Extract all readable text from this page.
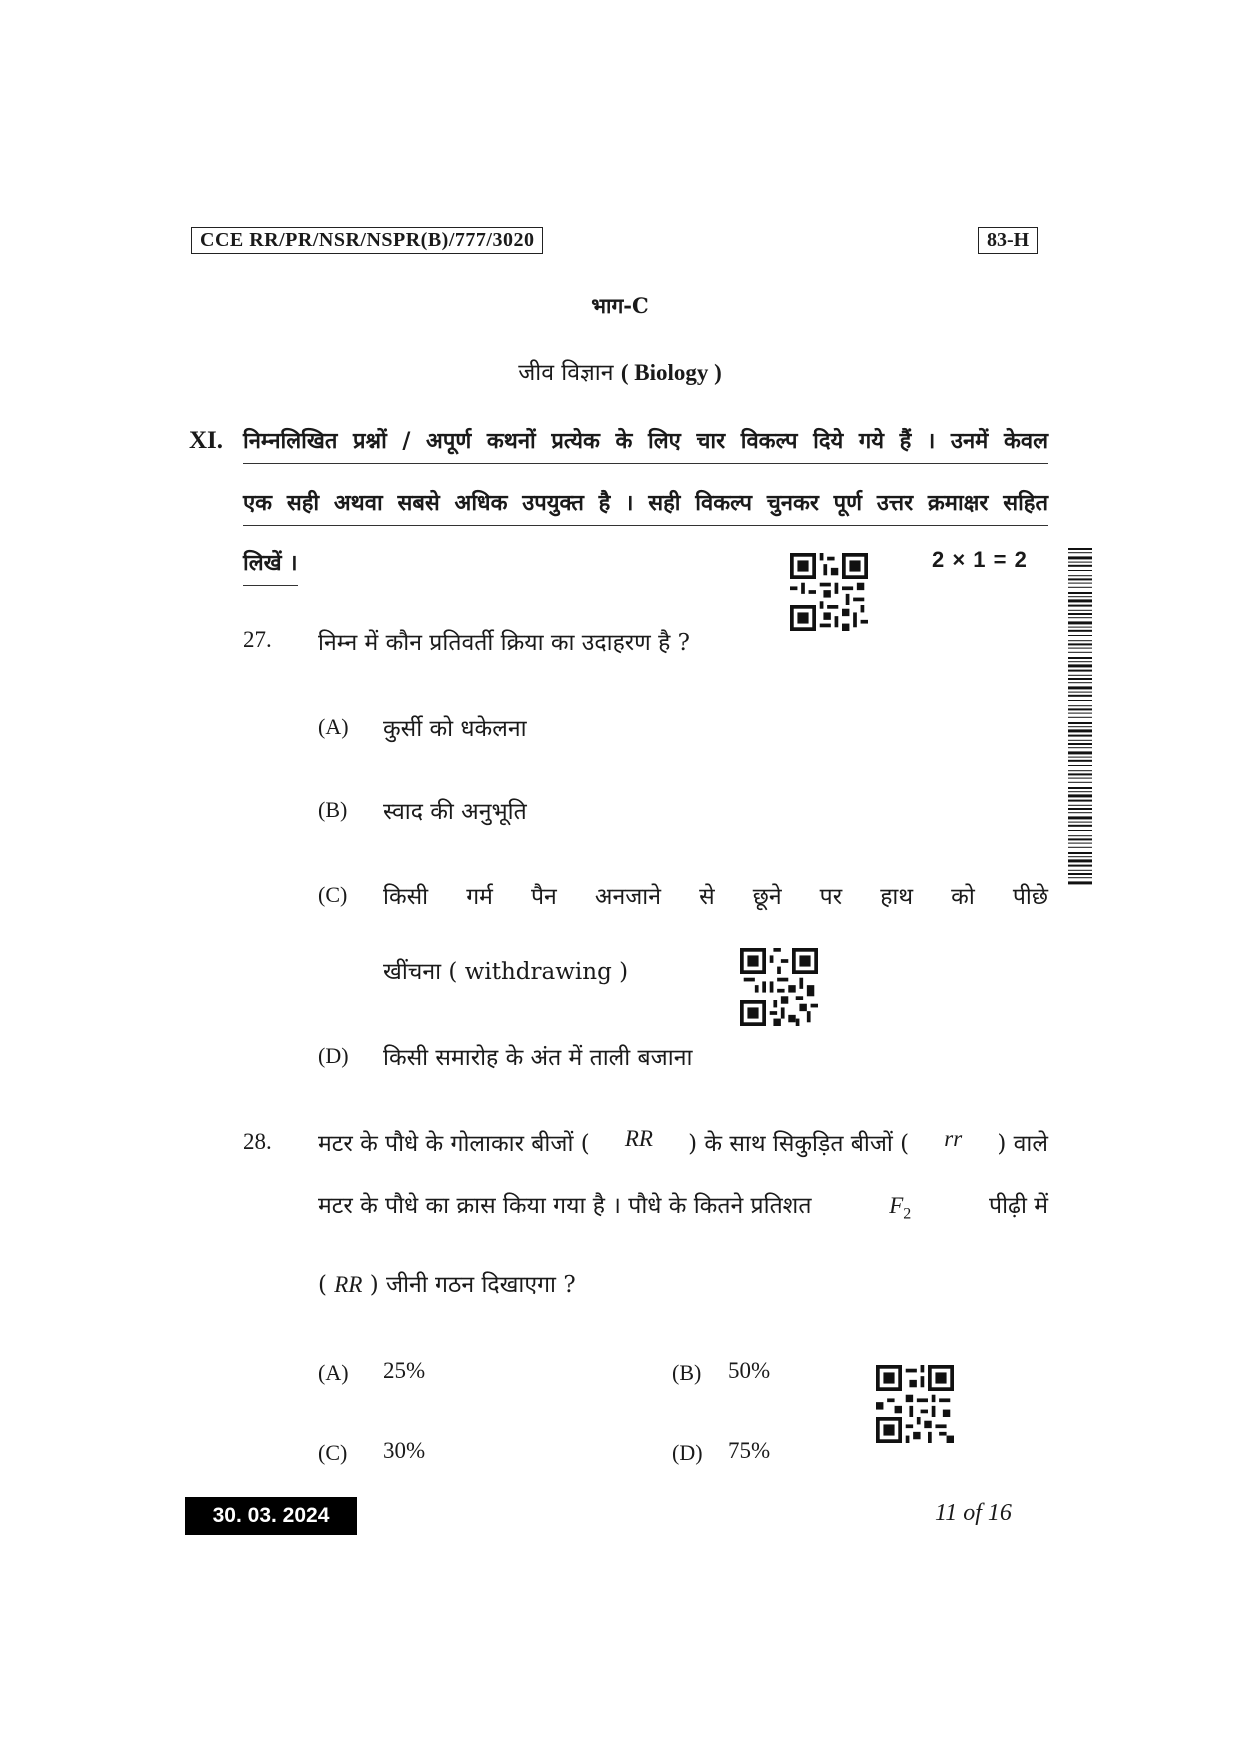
CCE RR/PR/NSR/NSPR(B)/777/3020	83-H
भाग-C
जीव विज्ञान ( Biology )
XI. निम्नलिखित प्रश्नों / अपूर्ण कथनों प्रत्येक के लिए चार विकल्प दिये गये हैं । उनमें केवल
एक सही अथवा सबसे अधिक उपयुक्त है । सही विकल्प चुनकर पूर्ण उत्तर क्रमाक्षर सहित
लिखें ।	2 × 1 = 2
27. निम्न में कौन प्रतिवर्ती क्रिया का उदाहरण है ?
(A) कुर्सी को धकेलना
(B) स्वाद की अनुभूति
(C) किसी गर्म पैन अनजाने से छूने पर हाथ को पीछे
खींचना ( withdrawing )
(D) किसी समारोह के अंत में ताली बजाना
28. मटर के पौधे के गोलाकार बीजों ( RR ) के साथ सिकुड़ित बीजों ( rr ) वाले
मटर के पौधे का क्रास किया गया है । पौधे के कितने प्रतिशत	$F_2$	पीढ़ी में
( RR ) जीनी गठन दिखाएगा ?
(A) 25%	(B) 50%
(C) 30%	(D) 75%
30. 03. 2024	11 of 16
